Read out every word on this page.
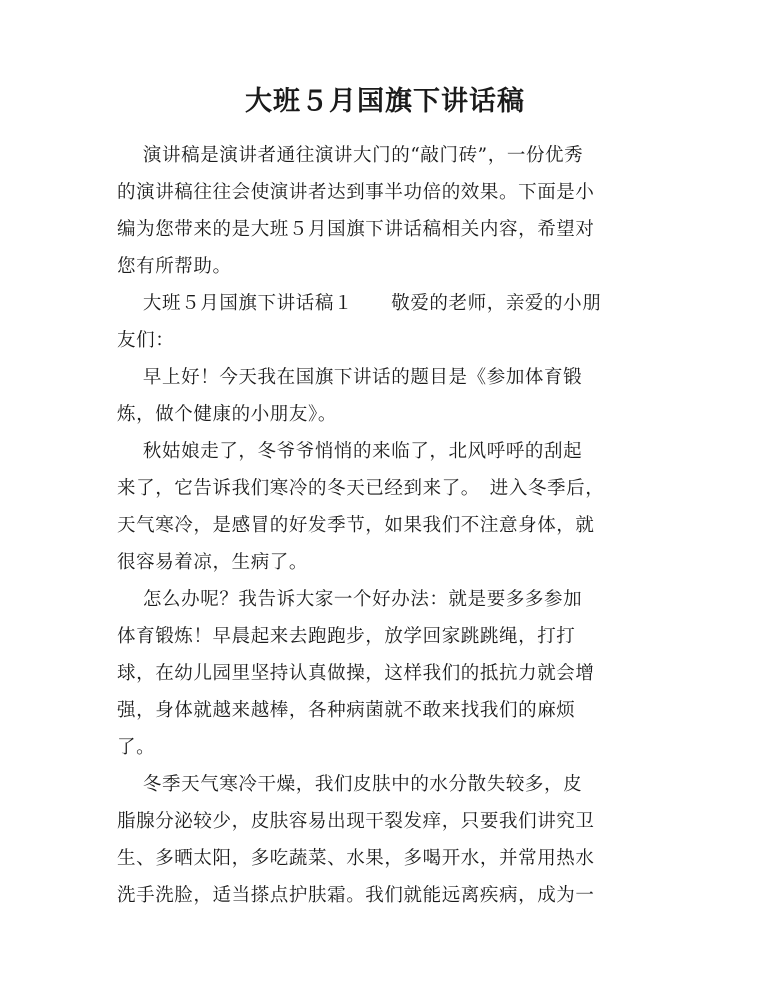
大班５月国旗下讲话稿
演讲稿是演讲者通往演讲大门的“敲门砖”，一份优秀
的演讲稿往往会使演讲者达到事半功倍的效果。下面是小
编为您带来的是大班５月国旗下讲话稿相关内容，希望对
您有所帮助。
大班５月国旗下讲话稿１　　敬爱的老师，亲爱的小朋
友们：
早上好！今天我在国旗下讲话的题目是《参加体育锻
炼，做个健康的小朋友》。
秋姑娘走了，冬爷爷悄悄的来临了，北风呼呼的刮起
来了，它告诉我们寒冷的冬天已经到来了。　进入冬季后，
天气寒冷，是感冒的好发季节，如果我们不注意身体，就
很容易着凉，生病了。
怎么办呢？我告诉大家一个好办法：就是要多多参加
体育锻炼！早晨起来去跑跑步，放学回家跳跳绳，打打
球，在幼儿园里坚持认真做操，这样我们的抵抗力就会增
强，身体就越来越棒，各种病菌就不敢来找我们的麻烦
了。
冬季天气寒冷干燥，我们皮肤中的水分散失较多，皮
脂腺分泌较少，皮肤容易出现干裂发痒，只要我们讲究卫
生、多晒太阳，多吃蔬菜、水果，多喝开水，并常用热水
洗手洗脸，适当搽点护肤霜。我们就能远离疾病，成为一
